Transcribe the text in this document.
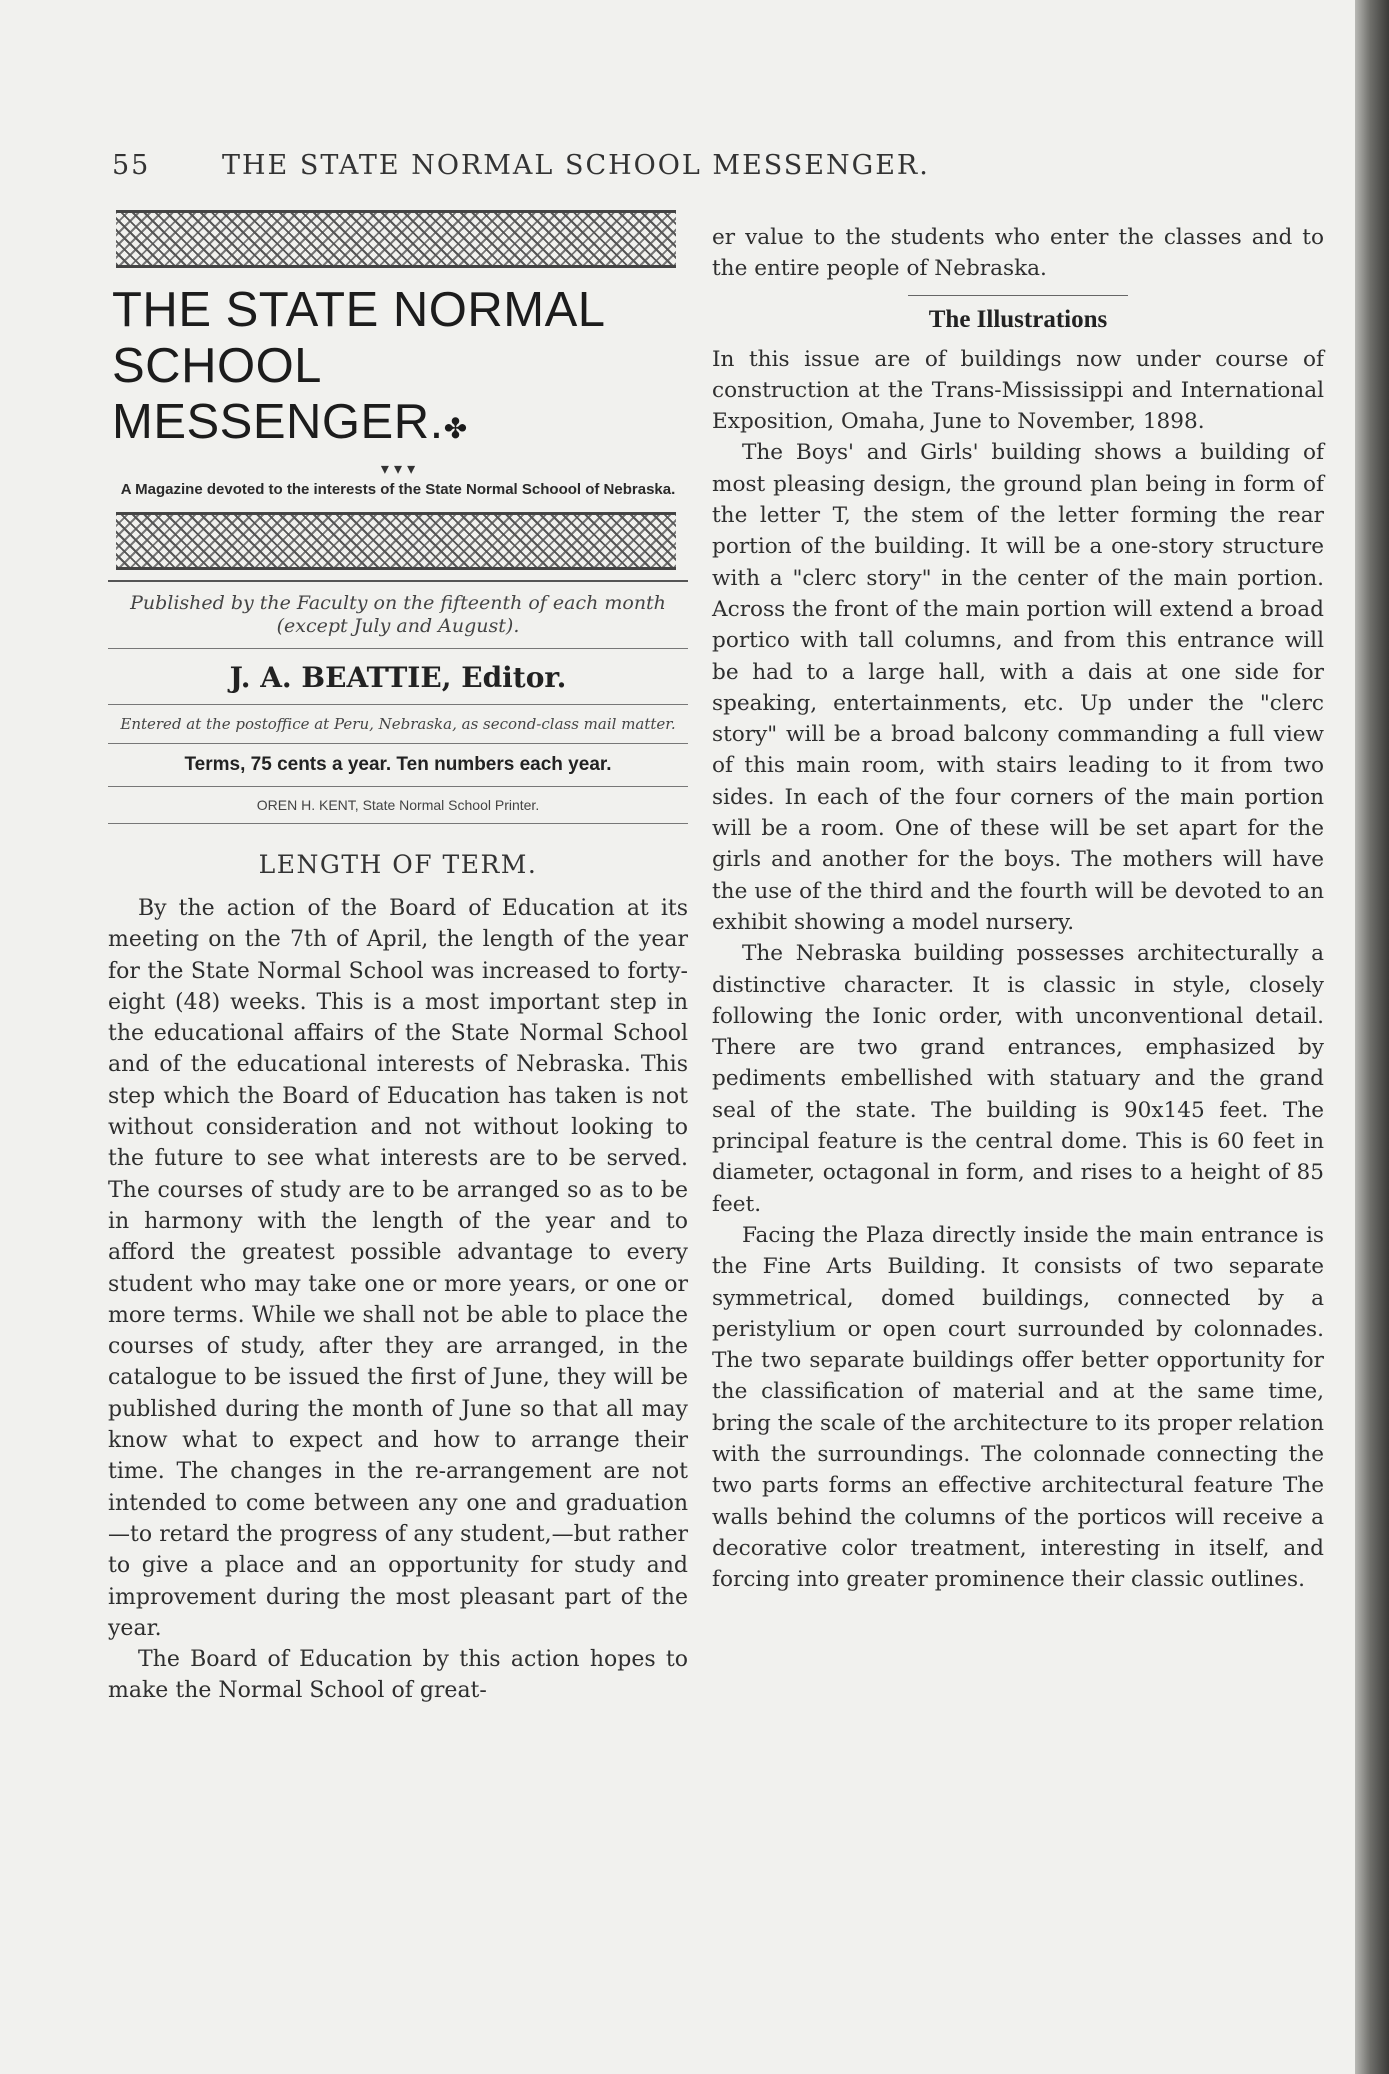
55	THE STATE NORMAL SCHOOL MESSENGER.
THE STATE NORMAL
SCHOOL MESSENGER.✤
▾ ▾ ▾
A Magazine devoted to the interests of the State Normal Schoool of Nebraska.
Published by the Faculty on the fifteenth of each month (except July and August).
J. A. BEATTIE, Editor.
Entered at the postoffice at Peru, Nebraska, as second-class mail matter.
Terms, 75 cents a year. Ten numbers each year.
OREN H. KENT, State Normal School Printer.
LENGTH OF TERM.

By the action of the Board of Education at its meeting on the 7th of April, the length of the year for the State Normal School was increased to forty-eight (48) weeks. This is a most important step in the educational affairs of the State Normal School and of the educational interests of Nebraska. This step which the Board of Education has taken is not without consideration and not without looking to the future to see what interests are to be served. The courses of study are to be arranged so as to be in harmony with the length of the year and to afford the greatest possible advantage to every student who may take one or more years, or one or more terms. While we shall not be able to place the courses of study, after they are arranged, in the catalogue to be issued the first of June, they will be published during the month of June so that all may know what to expect and how to arrange their time. The changes in the re-arrangement are not intended to come between any one and graduation—to retard the progress of any student,—but rather to give a place and an opportunity for study and improvement during the most pleasant part of the year.

The Board of Education by this action hopes to make the Normal School of great-

er value to the students who enter the classes and to the entire people of Nebraska.

The Illustrations

In this issue are of buildings now under course of construction at the Trans-Mississippi and International Exposition, Omaha, June to November, 1898.

The Boys' and Girls' building shows a building of most pleasing design, the ground plan being in form of the letter T, the stem of the letter forming the rear portion of the building. It will be a one-story structure with a "clerc story" in the center of the main portion. Across the front of the main portion will extend a broad portico with tall columns, and from this entrance will be had to a large hall, with a dais at one side for speaking, entertainments, etc. Up under the "clerc story" will be a broad balcony commanding a full view of this main room, with stairs leading to it from two sides. In each of the four corners of the main portion will be a room. One of these will be set apart for the girls and another for the boys. The mothers will have the use of the third and the fourth will be devoted to an exhibit showing a model nursery.

The Nebraska building possesses architecturally a distinctive character. It is classic in style, closely following the Ionic order, with unconventional detail. There are two grand entrances, emphasized by pediments embellished with statuary and the grand seal of the state. The building is 90x145 feet. The principal feature is the central dome. This is 60 feet in diameter, octagonal in form, and rises to a height of 85 feet.

Facing the Plaza directly inside the main entrance is the Fine Arts Building. It consists of two separate symmetrical, domed buildings, connected by a peristylium or open court surrounded by colonnades. The two separate buildings offer better opportunity for the classification of material and at the same time, bring the scale of the architecture to its proper relation with the surroundings. The colonnade connecting the two parts forms an effective architectural feature The walls behind the columns of the porticos will receive a decorative color treatment, interesting in itself, and forcing into greater prominence their classic outlines.
